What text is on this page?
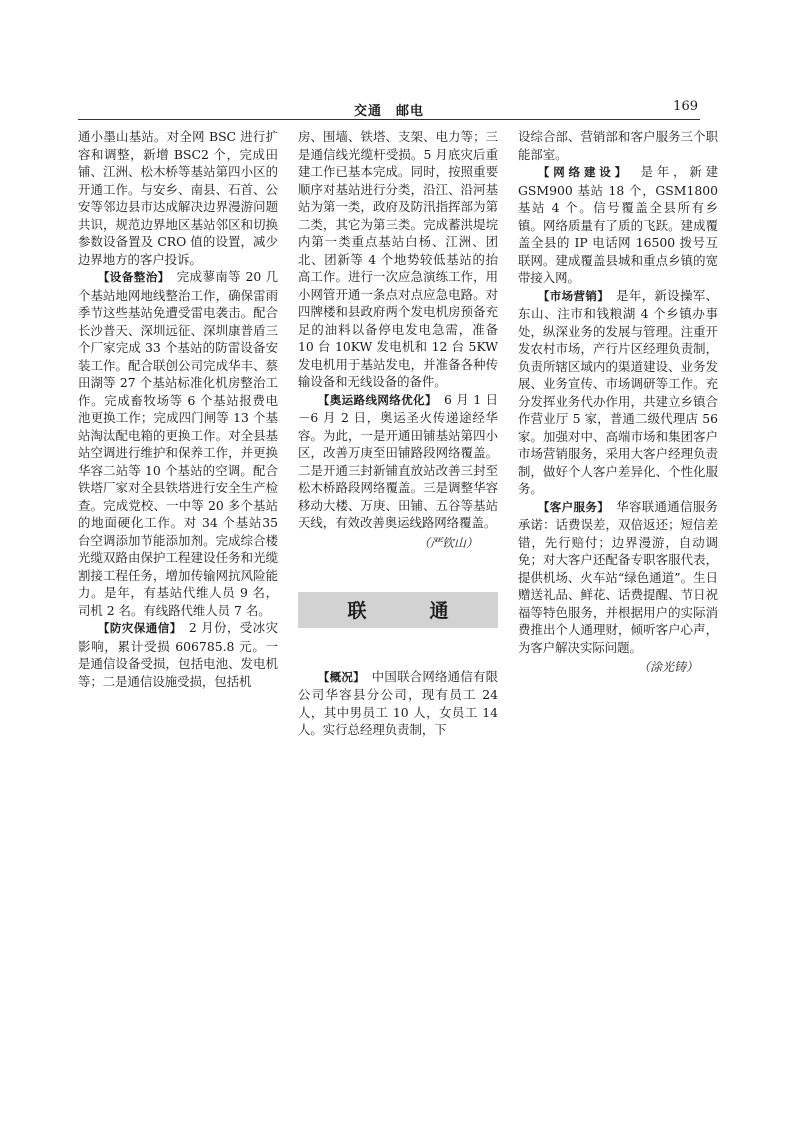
交通　邮电	169

通小墨山基站。对全网 BSC 进行扩容和调整，新增 BSC2 个，完成田铺、江洲、松木桥等基站第四小区的开通工作。与安乡、南县、石首、公安等邻边县市达成解决边界漫游问题共识，规范边界地区基站邻区和切换参数设备置及 CRO 值的设置，减少边界地方的客户投诉。

【设备整治】　 完成蓼南等 20 几个基站地网地线整治工作，确保雷雨季节这些基站免遭受雷电袭击。配合长沙普天、深圳远征、深圳康普盾三个厂家完成 33 个基站的防雷设备安装工作。配合联创公司完成华丰、蔡田湖等 27 个基站标准化机房整治工作。完成畜牧场等 6 个基站报费电池更换工作；完成四门闸等 13 个基站淘汰配电箱的更换工作。对全县基站空调进行维护和保养工作，并更换华容二站等 10 个基站的空调。配合铁塔厂家对全县铁塔进行安全生产检查。完成党校、一中等 20 多个基站的地面硬化工作。对 34 个基站35 台空调添加节能添加剂。完成综合楼光缆双路由保护工程建设任务和光缆割接工程任务，增加传输网抗风险能力。是年，有基站代维人员 9 名，司机 2 名。有线路代维人员 7 名。

【防灾保通信】　 2 月份，受冰灾影响，累计受损 606785.8 元。一是通信设备受损，包括电池、发电机等；二是通信设施受损，包括机

房、围墙、铁塔、支架、电力等；三是通信线光缆杆受损。5 月底灾后重建工作已基本完成。同时，按照重要顺序对基站进行分类，沿江、沿河基站为第一类，政府及防汛指挥部为第二类，其它为第三类。完成蓄洪堤垸内第一类重点基站白杨、江洲、团北、团新等 4 个地势较低基站的抬高工作。进行一次应急演练工作，用小网管开通一条点对点应急电路。对四牌楼和县政府两个发电机房预备充足的油料以备停电发电急需，准备 10 台 10KW 发电机和 12 台 5KW 发电机用于基站发电，并准备各种传输设备和无线设备的备件。

【奥运路线网络优化】　 6 月 1 日－6 月 2 日，奥运圣火传递途经华容。为此，一是开通田铺基站第四小区，改善万庚至田铺路段网络覆盖。二是开通三封新铺直放站改善三封至松木桥路段网络覆盖。三是调整华容移动大楼、万庚、田铺、五谷等基站天线，有效改善奥运线路网络覆盖。

（严钦山）
联　通

【概况】　 中国联合网络通信有限公司华容县分公司，现有员工 24 人，其中男员工 10 人，女员工 14 人。实行总经理负责制，下

设综合部、营销部和客户服务三个职能部室。

【网络建设】　 是年，新建 GSM900 基站 18 个，GSM1800 基站 4 个。信号覆盖全县所有乡镇。网络质量有了质的飞跃。建成覆盖全县的 IP 电话网 16500 拨号互联网。建成覆盖县城和重点乡镇的宽带接入网。

【市场营销】　 是年，新设操军、东山、注市和钱粮湖 4 个乡镇办事处，纵深业务的发展与管理。注重开发农村市场，产行片区经理负责制，负责所辖区域内的渠道建设、业务发展、业务宣传、市场调研等工作。充分发挥业务代办作用，共建立乡镇合作营业厅 5 家，普通二级代理店 56 家。加强对中、高端市场和集团客户市场营销服务，采用大客户经理负责制，做好个人客户差异化、个性化服务。

【客户服务】　 华容联通通信服务承诺：话费误差，双倍返还；短信差错，先行赔付；边界漫游，自动调免；对大客户还配备专职客服代表，提供机场、火车站“绿色通道”。生日赠送礼品、鲜花、话费提醒、节日祝福等特色服务，并根据用户的实际消费推出个人通理财，倾听客户心声，为客户解决实际问题。

（涂光铸）
